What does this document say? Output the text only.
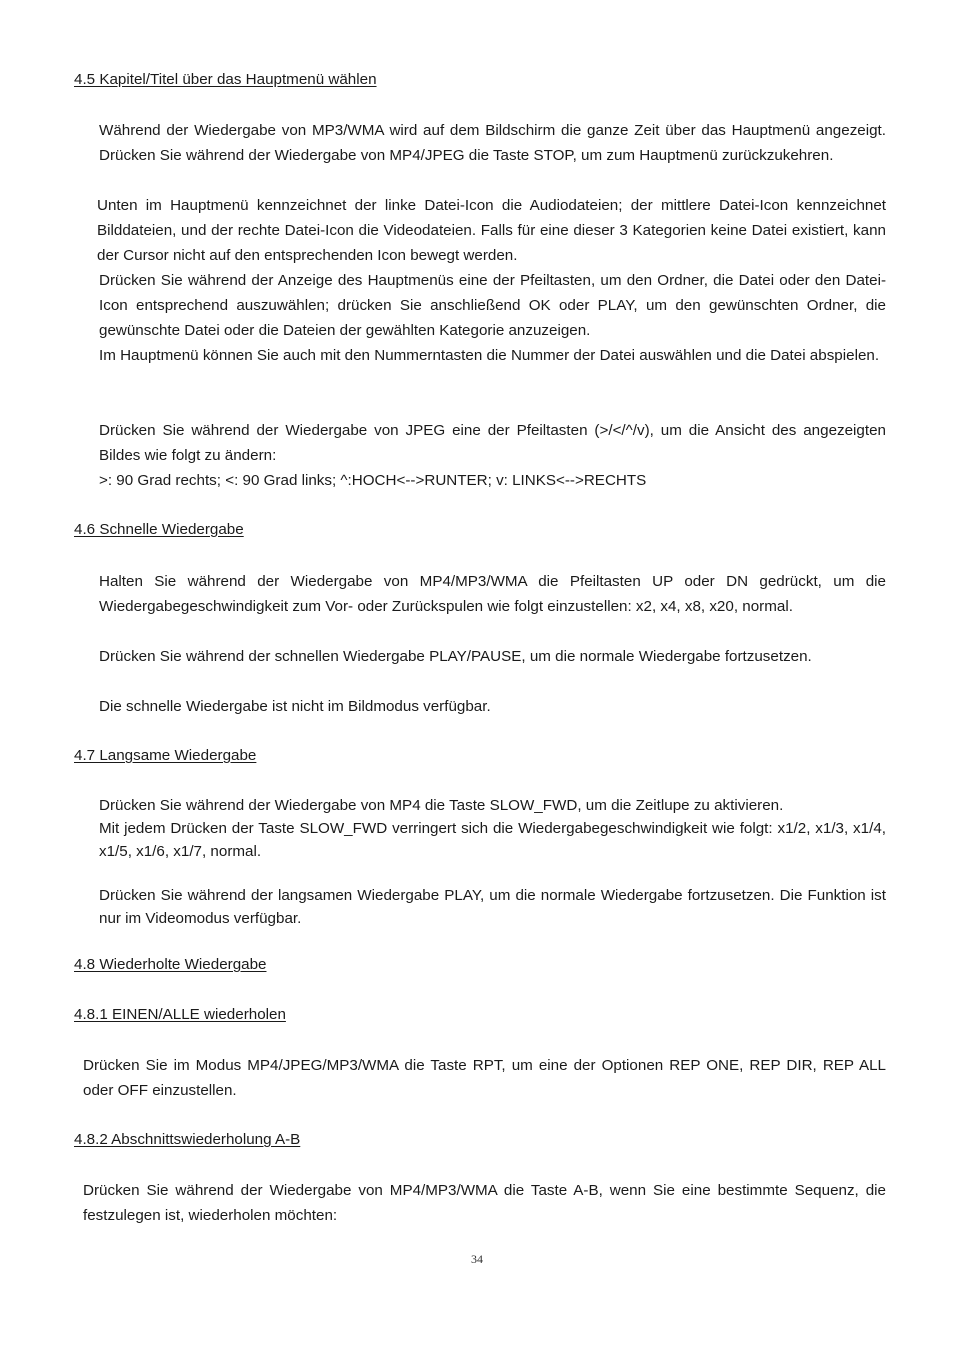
4.5 Kapitel/Titel über das Hauptmenü wählen

Während der Wiedergabe von MP3/WMA wird auf dem Bildschirm die ganze Zeit über das Hauptmenü angezeigt. Drücken Sie während der Wiedergabe von MP4/JPEG die Taste STOP, um zum Hauptmenü zurückzukehren.

Unten im Hauptmenü kennzeichnet der linke Datei-Icon die Audiodateien; der mittlere Datei-Icon kennzeichnet Bilddateien, und der rechte Datei-Icon die Videodateien. Falls für eine dieser 3 Kategorien keine Datei existiert, kann der Cursor nicht auf den entsprechenden Icon bewegt werden.

Drücken Sie während der Anzeige des Hauptmenüs eine der Pfeiltasten, um den Ordner, die Datei oder den Datei-Icon entsprechend auszuwählen; drücken Sie anschließend OK oder PLAY, um den gewünschten Ordner, die gewünschte Datei oder die Dateien der gewählten Kategorie anzuzeigen.

Im Hauptmenü können Sie auch mit den Nummerntasten die Nummer der Datei auswählen und die Datei abspielen.

Drücken Sie während der Wiedergabe von JPEG eine der Pfeiltasten (>/</^/v), um die Ansicht des angezeigten Bildes wie folgt zu ändern:

>: 90 Grad rechts; <: 90 Grad links; ^:HOCH<-->RUNTER; v: LINKS<-->RECHTS

4.6 Schnelle Wiedergabe

Halten Sie während der Wiedergabe von MP4/MP3/WMA die Pfeiltasten UP oder DN gedrückt, um die Wiedergabegeschwindigkeit zum Vor- oder Zurückspulen wie folgt einzustellen: x2, x4, x8, x20, normal.

Drücken Sie während der schnellen Wiedergabe PLAY/PAUSE, um die normale Wiedergabe fortzusetzen.

Die schnelle Wiedergabe ist nicht im Bildmodus verfügbar.

4.7 Langsame Wiedergabe

Drücken Sie während der Wiedergabe von MP4 die Taste SLOW_FWD, um die Zeitlupe zu aktivieren.

Mit jedem Drücken der Taste SLOW_FWD verringert sich die Wiedergabegeschwindigkeit wie folgt: x1/2, x1/3, x1/4, x1/5, x1/6, x1/7, normal.

Drücken Sie während der langsamen Wiedergabe PLAY, um die normale Wiedergabe fortzusetzen. Die Funktion ist nur im Videomodus verfügbar.

4.8 Wiederholte Wiedergabe
4.8.1 EINEN/ALLE wiederholen

Drücken Sie im Modus MP4/JPEG/MP3/WMA die Taste RPT, um eine der Optionen REP ONE, REP DIR, REP ALL oder OFF einzustellen.

4.8.2 Abschnittswiederholung A-B

Drücken Sie während der Wiedergabe von MP4/MP3/WMA die Taste A-B, wenn Sie eine bestimmte Sequenz, die festzulegen ist, wiederholen möchten:

34
